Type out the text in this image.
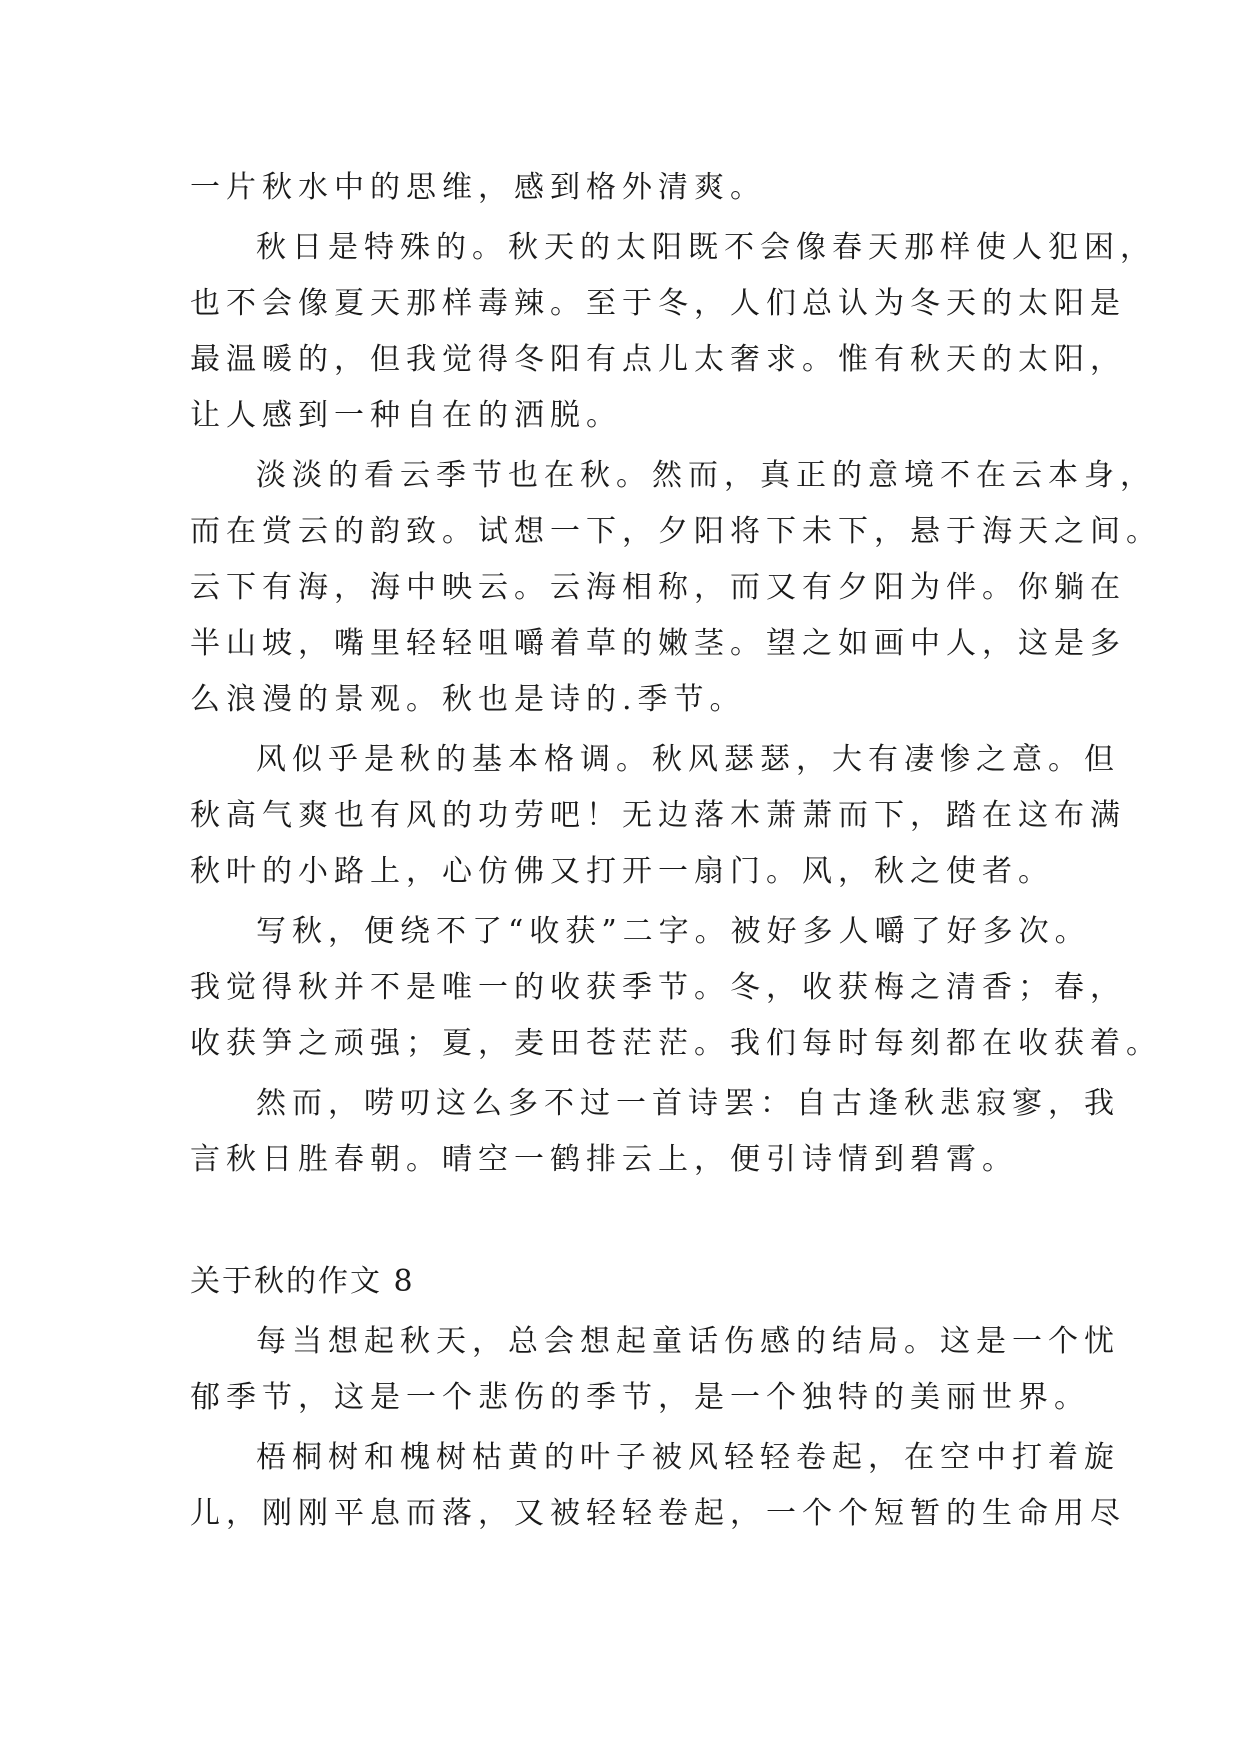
一片秋水中的思维，感到格外清爽。
秋日是特殊的。秋天的太阳既不会像春天那样使人犯困，
也不会像夏天那样毒辣。至于冬，人们总认为冬天的太阳是
最温暖的，但我觉得冬阳有点儿太奢求。惟有秋天的太阳，
让人感到一种自在的洒脱。
淡淡的看云季节也在秋。然而，真正的意境不在云本身，
而在赏云的韵致。试想一下，夕阳将下未下，悬于海天之间。
云下有海，海中映云。云海相称，而又有夕阳为伴。你躺在
半山坡，嘴里轻轻咀嚼着草的嫩茎。望之如画中人，这是多
么浪漫的景观。秋也是诗的.季节。
风似乎是秋的基本格调。秋风瑟瑟，大有凄惨之意。但
秋高气爽也有风的功劳吧！无边落木萧萧而下，踏在这布满
秋叶的小路上，心仿佛又打开一扇门。风，秋之使者。
写秋，便绕不了“收获”二字。被好多人嚼了好多次。
我觉得秋并不是唯一的收获季节。冬，收获梅之清香；春，
收获笋之顽强；夏，麦田苍茫茫。我们每时每刻都在收获着。
然而，唠叨这么多不过一首诗罢：自古逢秋悲寂寥，我
言秋日胜春朝。晴空一鹤排云上，便引诗情到碧霄。
关于秋的作文 8
每当想起秋天，总会想起童话伤感的结局。这是一个忧
郁季节，这是一个悲伤的季节，是一个独特的美丽世界。
梧桐树和槐树枯黄的叶子被风轻轻卷起，在空中打着旋
儿，刚刚平息而落，又被轻轻卷起，一个个短暂的生命用尽
